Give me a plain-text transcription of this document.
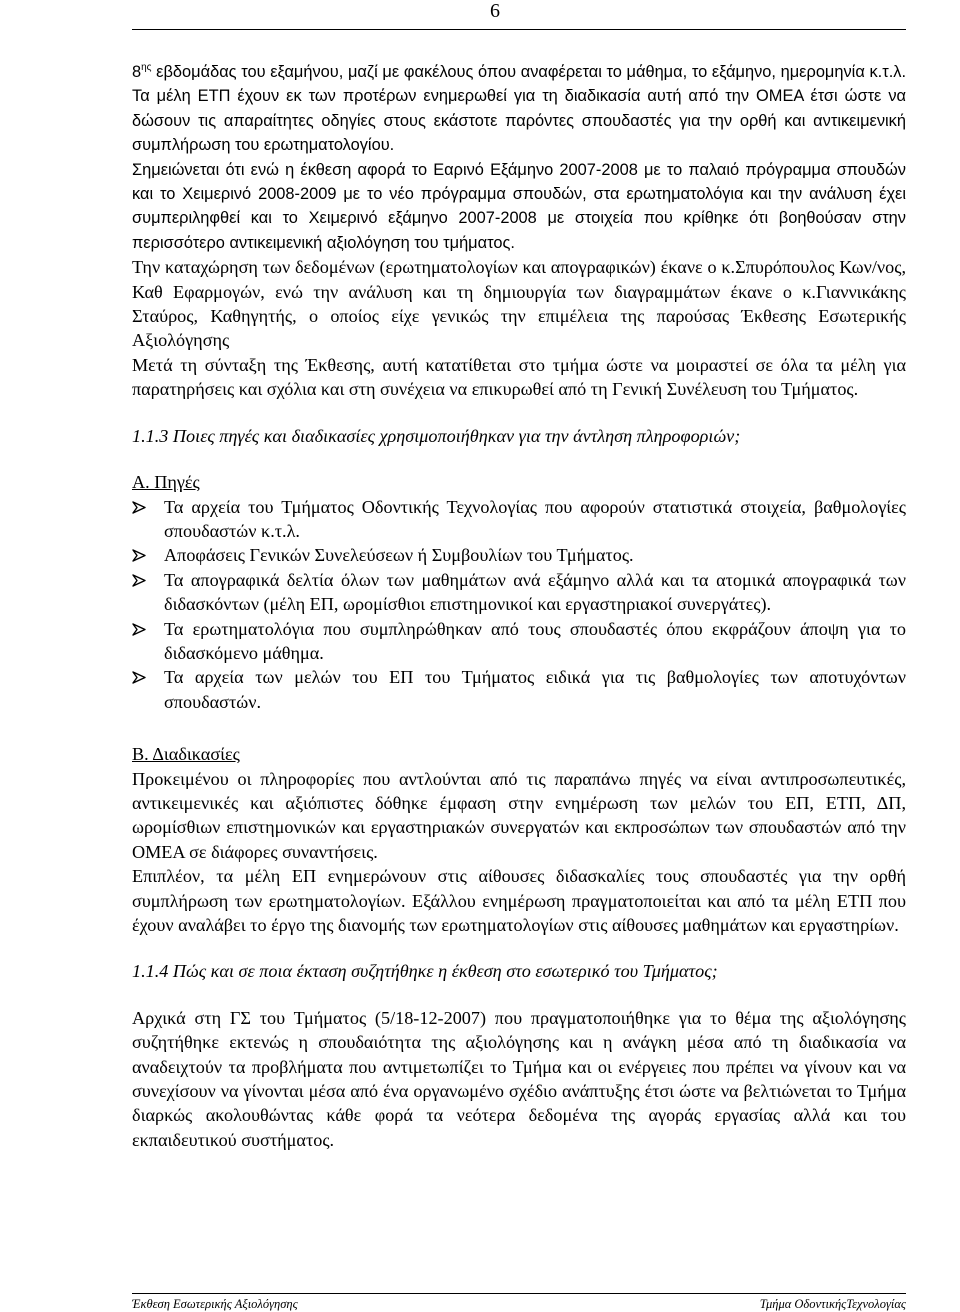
6

$8^{\eta\varsigma}$ εβδομάδας του εξαμήνου, μαζί με φακέλους όπου αναφέρεται το μάθημα, το εξάμηνο, ημερομηνία κ.τ.λ. Τα μέλη ΕΤΠ έχουν εκ των προτέρων ενημερωθεί για τη διαδικασία αυτή από την ΟΜΕΑ έτσι ώστε να δώσουν τις απαραίτητες οδηγίες στους εκάστοτε παρόντες σπουδαστές για την ορθή και αντικειμενική συμπλήρωση του ερωτηματολογίου.

Σημειώνεται ότι ενώ η έκθεση αφορά το Εαρινό Εξάμηνο 2007-2008 με το παλαιό πρόγραμμα σπουδών και το Χειμερινό 2008-2009 με το νέο πρόγραμμα σπουδών, στα ερωτηματολόγια και την ανάλυση έχει συμπεριληφθεί και το Χειμερινό εξάμηνο 2007-2008 με στοιχεία που κρίθηκε ότι βοηθούσαν στην περισσότερο αντικειμενική αξιολόγηση του τμήματος.

Την καταχώρηση των δεδομένων (ερωτηματολογίων και απογραφικών) έκανε ο κ.Σπυρόπουλος Κων/νος, Καθ Εφαρμογών, ενώ την ανάλυση και τη δημιουργία των διαγραμμάτων έκανε ο κ.Γιαννικάκης Σταύρος, Καθηγητής, ο οποίος είχε γενικώς την επιμέλεια της παρούσας Έκθεσης Εσωτερικής Αξιολόγησης

Μετά τη σύνταξη της Έκθεσης, αυτή κατατίθεται στο τμήμα ώστε να μοιραστεί σε όλα τα μέλη για παρατηρήσεις και σχόλια και στη συνέχεια να επικυρωθεί από τη Γενική Συνέλευση του Τμήματος.

1.1.3 Ποιες πηγές και διαδικασίες χρησιμοποιήθηκαν για την άντληση πληροφοριών;

Α. Πηγές

Τα αρχεία του Τμήματος Οδοντικής Τεχνολογίας που αφορούν στατιστικά στοιχεία, βαθμολογίες σπουδαστών κ.τ.λ.
Αποφάσεις Γενικών Συνελεύσεων ή Συμβουλίων του Τμήματος.
Τα απογραφικά δελτία όλων των μαθημάτων ανά εξάμηνο αλλά και τα ατομικά απογραφικά των διδασκόντων (μέλη ΕΠ, ωρομίσθιοι επιστημονικοί και εργαστηριακοί συνεργάτες).
Τα ερωτηματολόγια που συμπληρώθηκαν από τους σπουδαστές όπου εκφράζουν άποψη για το διδασκόμενο μάθημα.
Τα αρχεία των μελών του ΕΠ του Τμήματος ειδικά για τις βαθμολογίες των αποτυχόντων σπουδαστών.

Β. Διαδικασίες

Προκειμένου οι πληροφορίες που αντλούνται από τις παραπάνω πηγές να είναι αντιπροσωπευτικές, αντικειμενικές και αξιόπιστες δόθηκε έμφαση στην ενημέρωση των μελών του ΕΠ, ΕΤΠ, ΔΠ, ωρομίσθιων επιστημονικών και εργαστηριακών συνεργατών και εκπροσώπων των σπουδαστών από την ΟΜΕΑ σε διάφορες συναντήσεις.

Επιπλέον, τα μέλη ΕΠ ενημερώνουν στις αίθουσες διδασκαλίες τους σπουδαστές για την ορθή συμπλήρωση των ερωτηματολογίων. Εξάλλου ενημέρωση πραγματοποιείται και από τα μέλη ΕΤΠ που έχουν αναλάβει το έργο της διανομής των ερωτηματολογίων στις αίθουσες μαθημάτων και εργαστηρίων.

1.1.4 Πώς και σε ποια έκταση συζητήθηκε η έκθεση στο εσωτερικό του Τμήματος;

Αρχικά στη ΓΣ του Τμήματος (5/18-12-2007) που πραγματοποιήθηκε για το θέμα της αξιολόγησης συζητήθηκε εκτενώς η σπουδαιότητα της αξιολόγησης και η ανάγκη μέσα από τη διαδικασία να αναδειχτούν τα προβλήματα που αντιμετωπίζει το Τμήμα και οι ενέργειες που πρέπει να γίνουν και να συνεχίσουν να γίνονται μέσα από ένα οργανωμένο σχέδιο ανάπτυξης έτσι ώστε να βελτιώνεται το Τμήμα διαρκώς ακολουθώντας κάθε φορά τα νεότερα δεδομένα της αγοράς εργασίας αλλά και του εκπαιδευτικού συστήματος.

Έκθεση Εσωτερικής Αξιολόγησης	Τμήμα ΟδοντικήςΤεχνολογίας
